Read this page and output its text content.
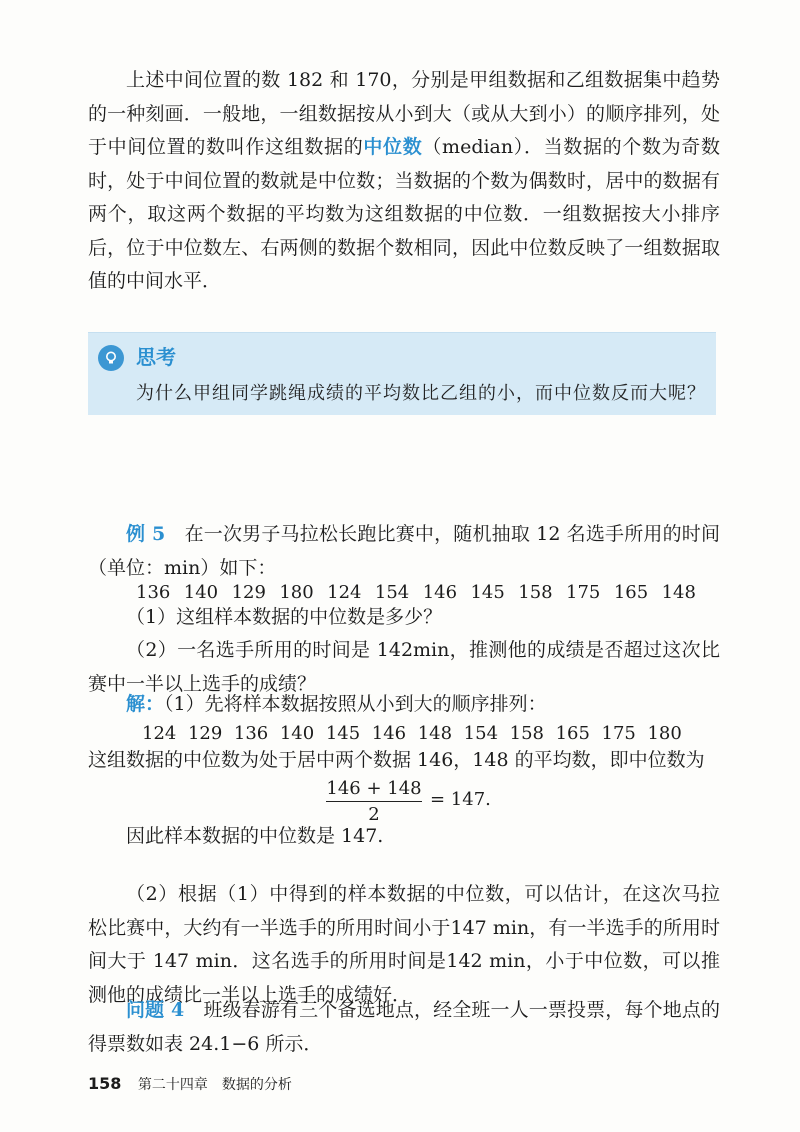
上述中间位置的数 182 和 170，分别是甲组数据和乙组数据集中趋势的一种刻画．一般地，一组数据按从小到大（或从大到小）的顺序排列，处于中间位置的数叫作这组数据的中位数（median）．当数据的个数为奇数时，处于中间位置的数就是中位数；当数据的个数为偶数时，居中的数据有两个，取这两个数据的平均数为这组数据的中位数．一组数据按大小排序后，位于中位数左、右两侧的数据个数相同，因此中位数反映了一组数据取值的中间水平．
思考
为什么甲组同学跳绳成绩的平均数比乙组的小，而中位数反而大呢？
例 5　 在一次男子马拉松长跑比赛中，随机抽取 12 名选手所用的时间（单位：min）如下：
136 140 129 180 124 154 146 145 158 175 165 148
（1）这组样本数据的中位数是多少？
（2）一名选手所用的时间是 142min，推测他的成绩是否超过这次比赛中一半以上选手的成绩？
解：（1）先将样本数据按照从小到大的顺序排列：
124 129 136 140 145 146 148 154 158 165 175 180
这组数据的中位数为处于居中两个数据 146，148 的平均数，即中位数为
$\frac{146 + 148}{2} = 147$.
因此样本数据的中位数是 147.
（2）根据（1）中得到的样本数据的中位数，可以估计，在这次马拉松比赛中，大约有一半选手的所用时间小于147 min，有一半选手的所用时间大于 147 min．这名选手的所用时间是142 min，小于中位数，可以推测他的成绩比一半以上选手的成绩好．
问题 4　 班级春游有三个备选地点，经全班一人一票投票，每个地点的得票数如表 24.1−6 所示．
158 第二十四章　数据的分析
